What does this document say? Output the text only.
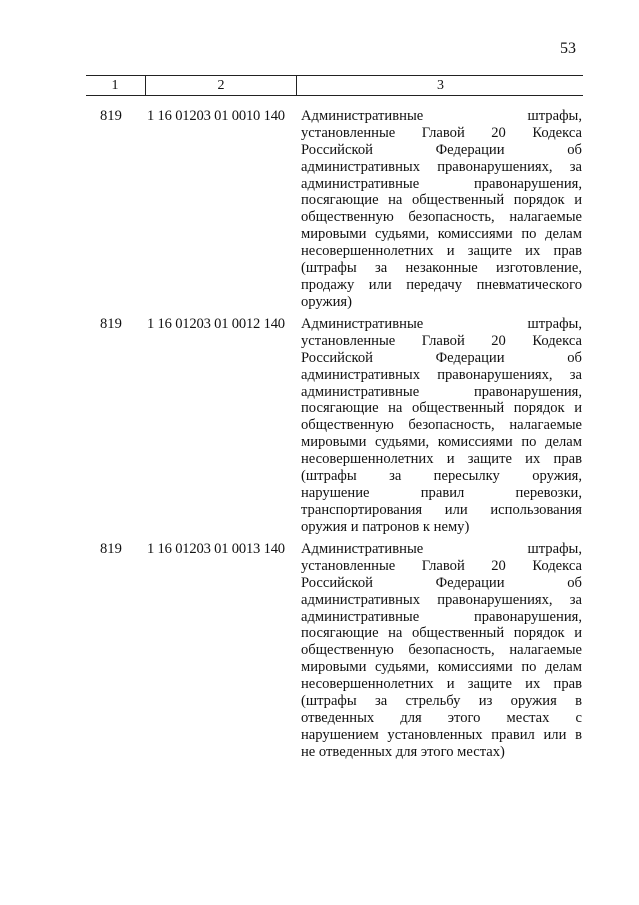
53
1	2	3
819	1 16 01203 01 0010 140	Административные штрафы,
установленные Главой 20 Кодекса
Российской Федерации об
административных правонарушениях, за
административные правонарушения,
посягающие на общественный порядок и
общественную безопасность, налагаемые
мировыми судьями, комиссиями по делам
несовершеннолетних и защите их прав
(штрафы за незаконные изготовление,
продажу или передачу пневматического
оружия)
819	1 16 01203 01 0012 140	Административные штрафы,
установленные Главой 20 Кодекса
Российской Федерации об
административных правонарушениях, за
административные правонарушения,
посягающие на общественный порядок и
общественную безопасность, налагаемые
мировыми судьями, комиссиями по делам
несовершеннолетних и защите их прав
(штрафы за пересылку оружия,
нарушение правил перевозки,
транспортирования или использования
оружия и патронов к нему)
819	1 16 01203 01 0013 140	Административные штрафы,
установленные Главой 20 Кодекса
Российской Федерации об
административных правонарушениях, за
административные правонарушения,
посягающие на общественный порядок и
общественную безопасность, налагаемые
мировыми судьями, комиссиями по делам
несовершеннолетних и защите их прав
(штрафы за стрельбу из оружия в
отведенных для этого местах с
нарушением установленных правил или в
не отведенных для этого местах)
